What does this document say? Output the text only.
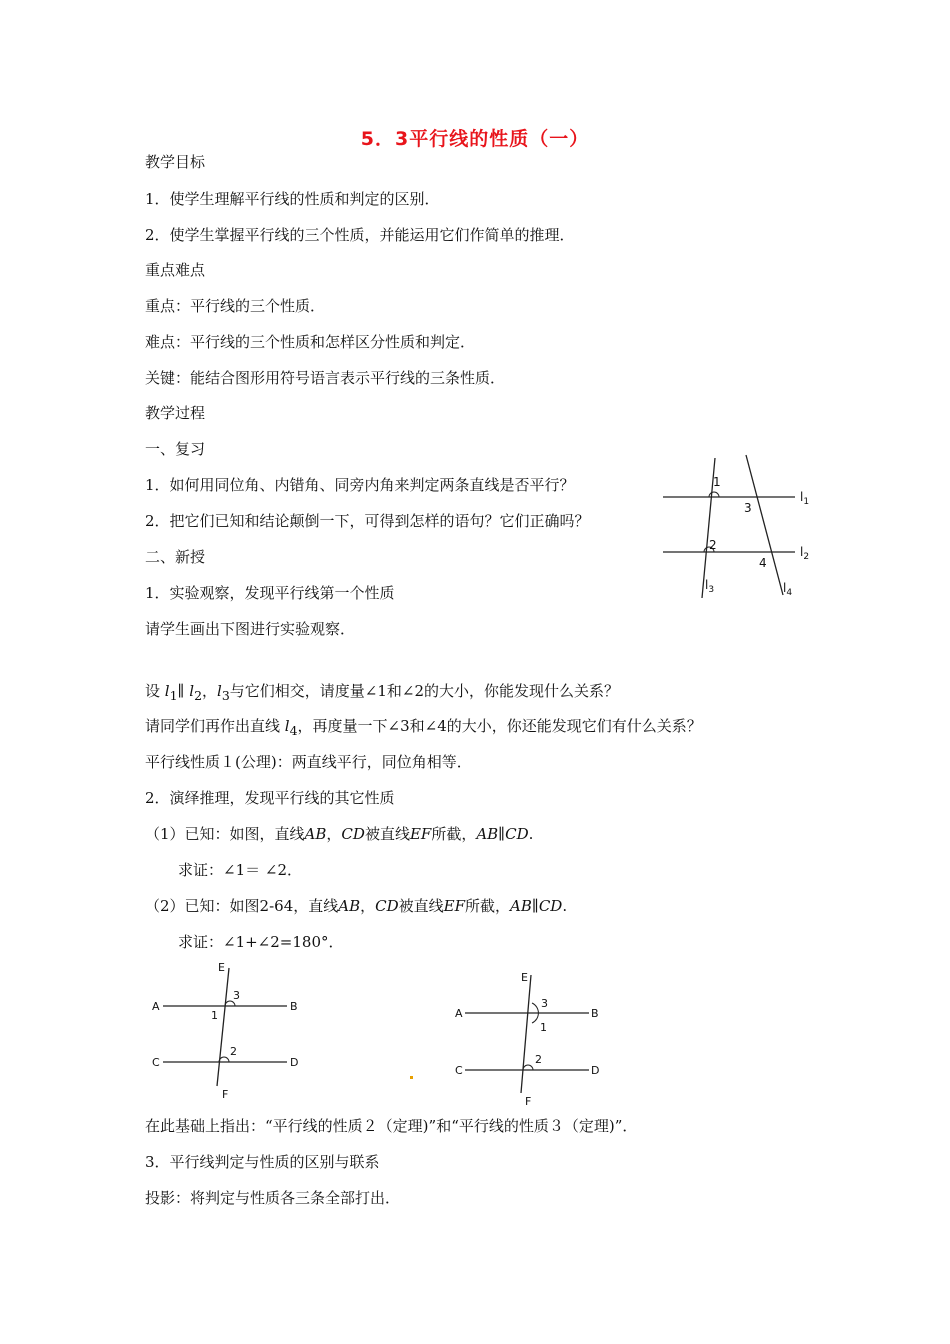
5．3平行线的性质（一）
教学目标
1．使学生理解平行线的性质和判定的区别．
2．使学生掌握平行线的三个性质，并能运用它们作简单的推理．
重点难点
重点：平行线的三个性质．
难点：平行线的三个性质和怎样区分性质和判定．
关键：能结合图形用符号语言表示平行线的三条性质．
教学过程
一、复习
1．如何用同位角、内错角、同旁内角来判定两条直线是否平行？
2．把它们已知和结论颠倒一下，可得到怎样的语句？它们正确吗？
二、新授
1．实验观察，发现平行线第一个性质
请学生画出下图进行实验观察．
设 $l_1\parallel$ $l_2$，$l_3$与它们相交，请度量∠1和∠2的大小，你能发现什么关系？
请同学们再作出直线 $l_4$，再度量一下∠3和∠4的大小，你还能发现它们有什么关系？
平行线性质１(公理)：两直线平行，同位角相等．
2．演绎推理，发现平行线的其它性质
（1）已知：如图，直线AB，CD被直线EF所截，AB∥CD.
求证：∠1＝ ∠2．
（2）已知：如图2-64，直线AB，CD被直线EF所截，AB∥CD.
求证：∠1+∠2=180°．
在此基础上指出：“平行线的性质２（定理)”和“平行线的性质３（定理)”．
3．平行线判定与性质的区别与联系
投影：将判定与性质各三条全部打出．
1
3
2
4
$l_1$
$l_2$
$l_3$	$l_4$
E
A	B
C	D
F
1
3
2
E
A	B
C	D
F
1
3
2
